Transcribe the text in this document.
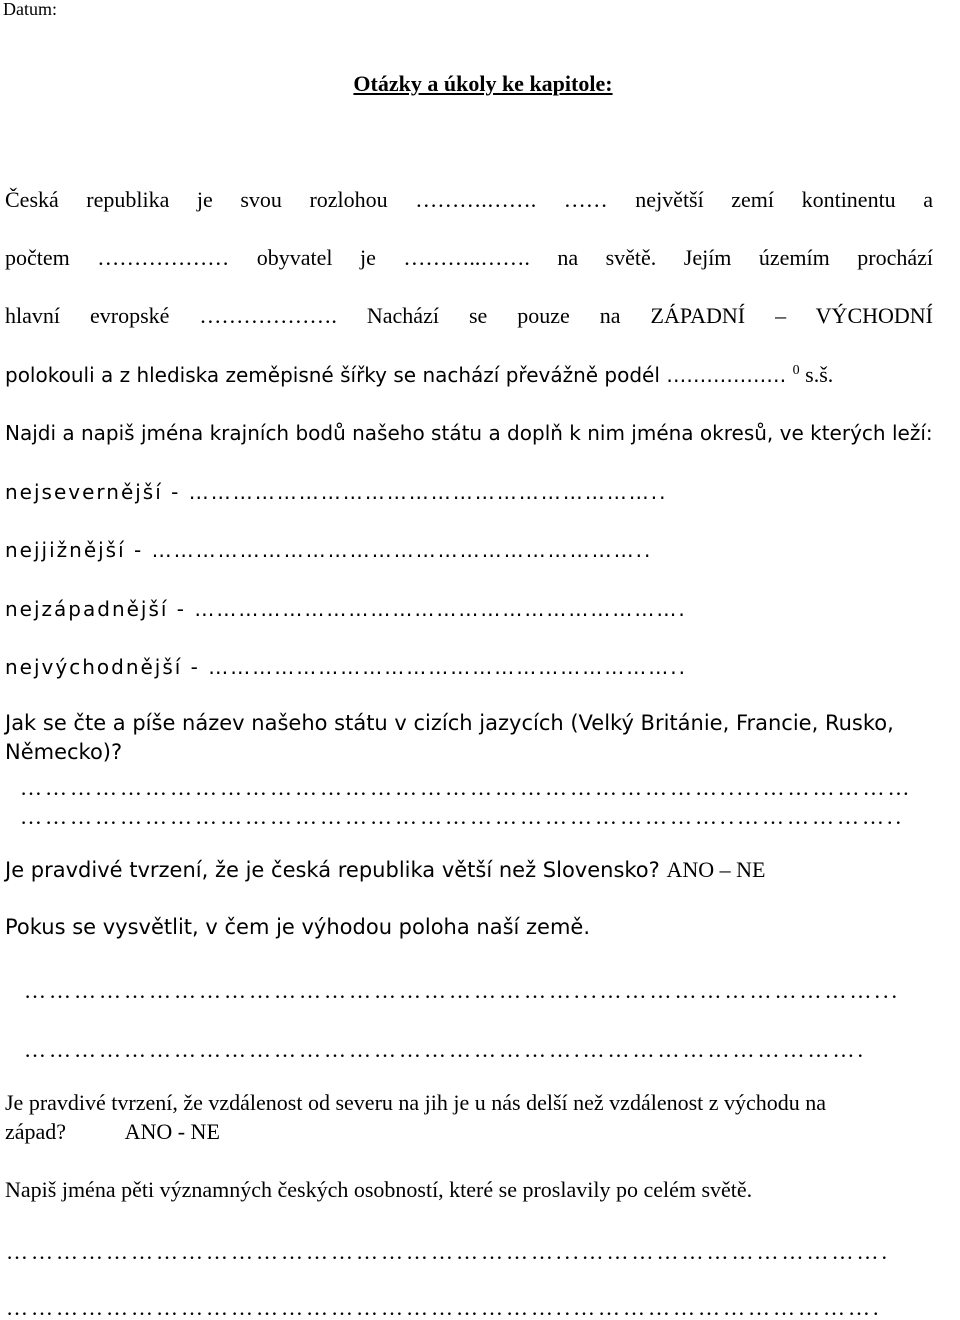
Datum:
Otázky a úkoly ke kapitole:
Česká republika je svou rozlohou ……….……. …… největší zemí kontinentu a
počtem ……………… obyvatel je ………..……. na světě. Jejím územím prochází
hlavní evropské ………………. Nachází se pouze na ZÁPADNÍ – VÝCHODNÍ
polokouli a z hlediska zeměpisné šířky se nachází převážně podél ……………… $^0$ s.š.
Najdi a napiš jména krajních bodů našeho státu a doplň k nim jména okresů, ve kterých leží:
nejsevernější - ………………………………………………………..
nejjižnější - …………………………………………………………..
nejzápadnější - ………………………………………………………….
nejvýchodnější - ………………………………………………………..
Jak se čte a píše název našeho státu v cizích jazycích (Velký Británie, Francie, Rusko,
Německo)?
………………………………………………………………………….....………………
…………………………………………………………………………..………………..
Je pravdivé tvrzení, že je česká republika větší než Slovensko? ANO – NE
Pokus se vysvětlit, v čem je výhodou poloha naší země.
…………………………………………………………...……………………………...
………………………………………………………….…………………………….
Je pravdivé tvrzení, že vzdálenost od severu na jih je u nás delší než vzdálenost z východu na
západ? ANO - NE
Napiš jména pěti významných českých osobností, které se proslavily po celém světě.
…………………………………………………………...……………………………….
…………………………………………………………..……………………………….
